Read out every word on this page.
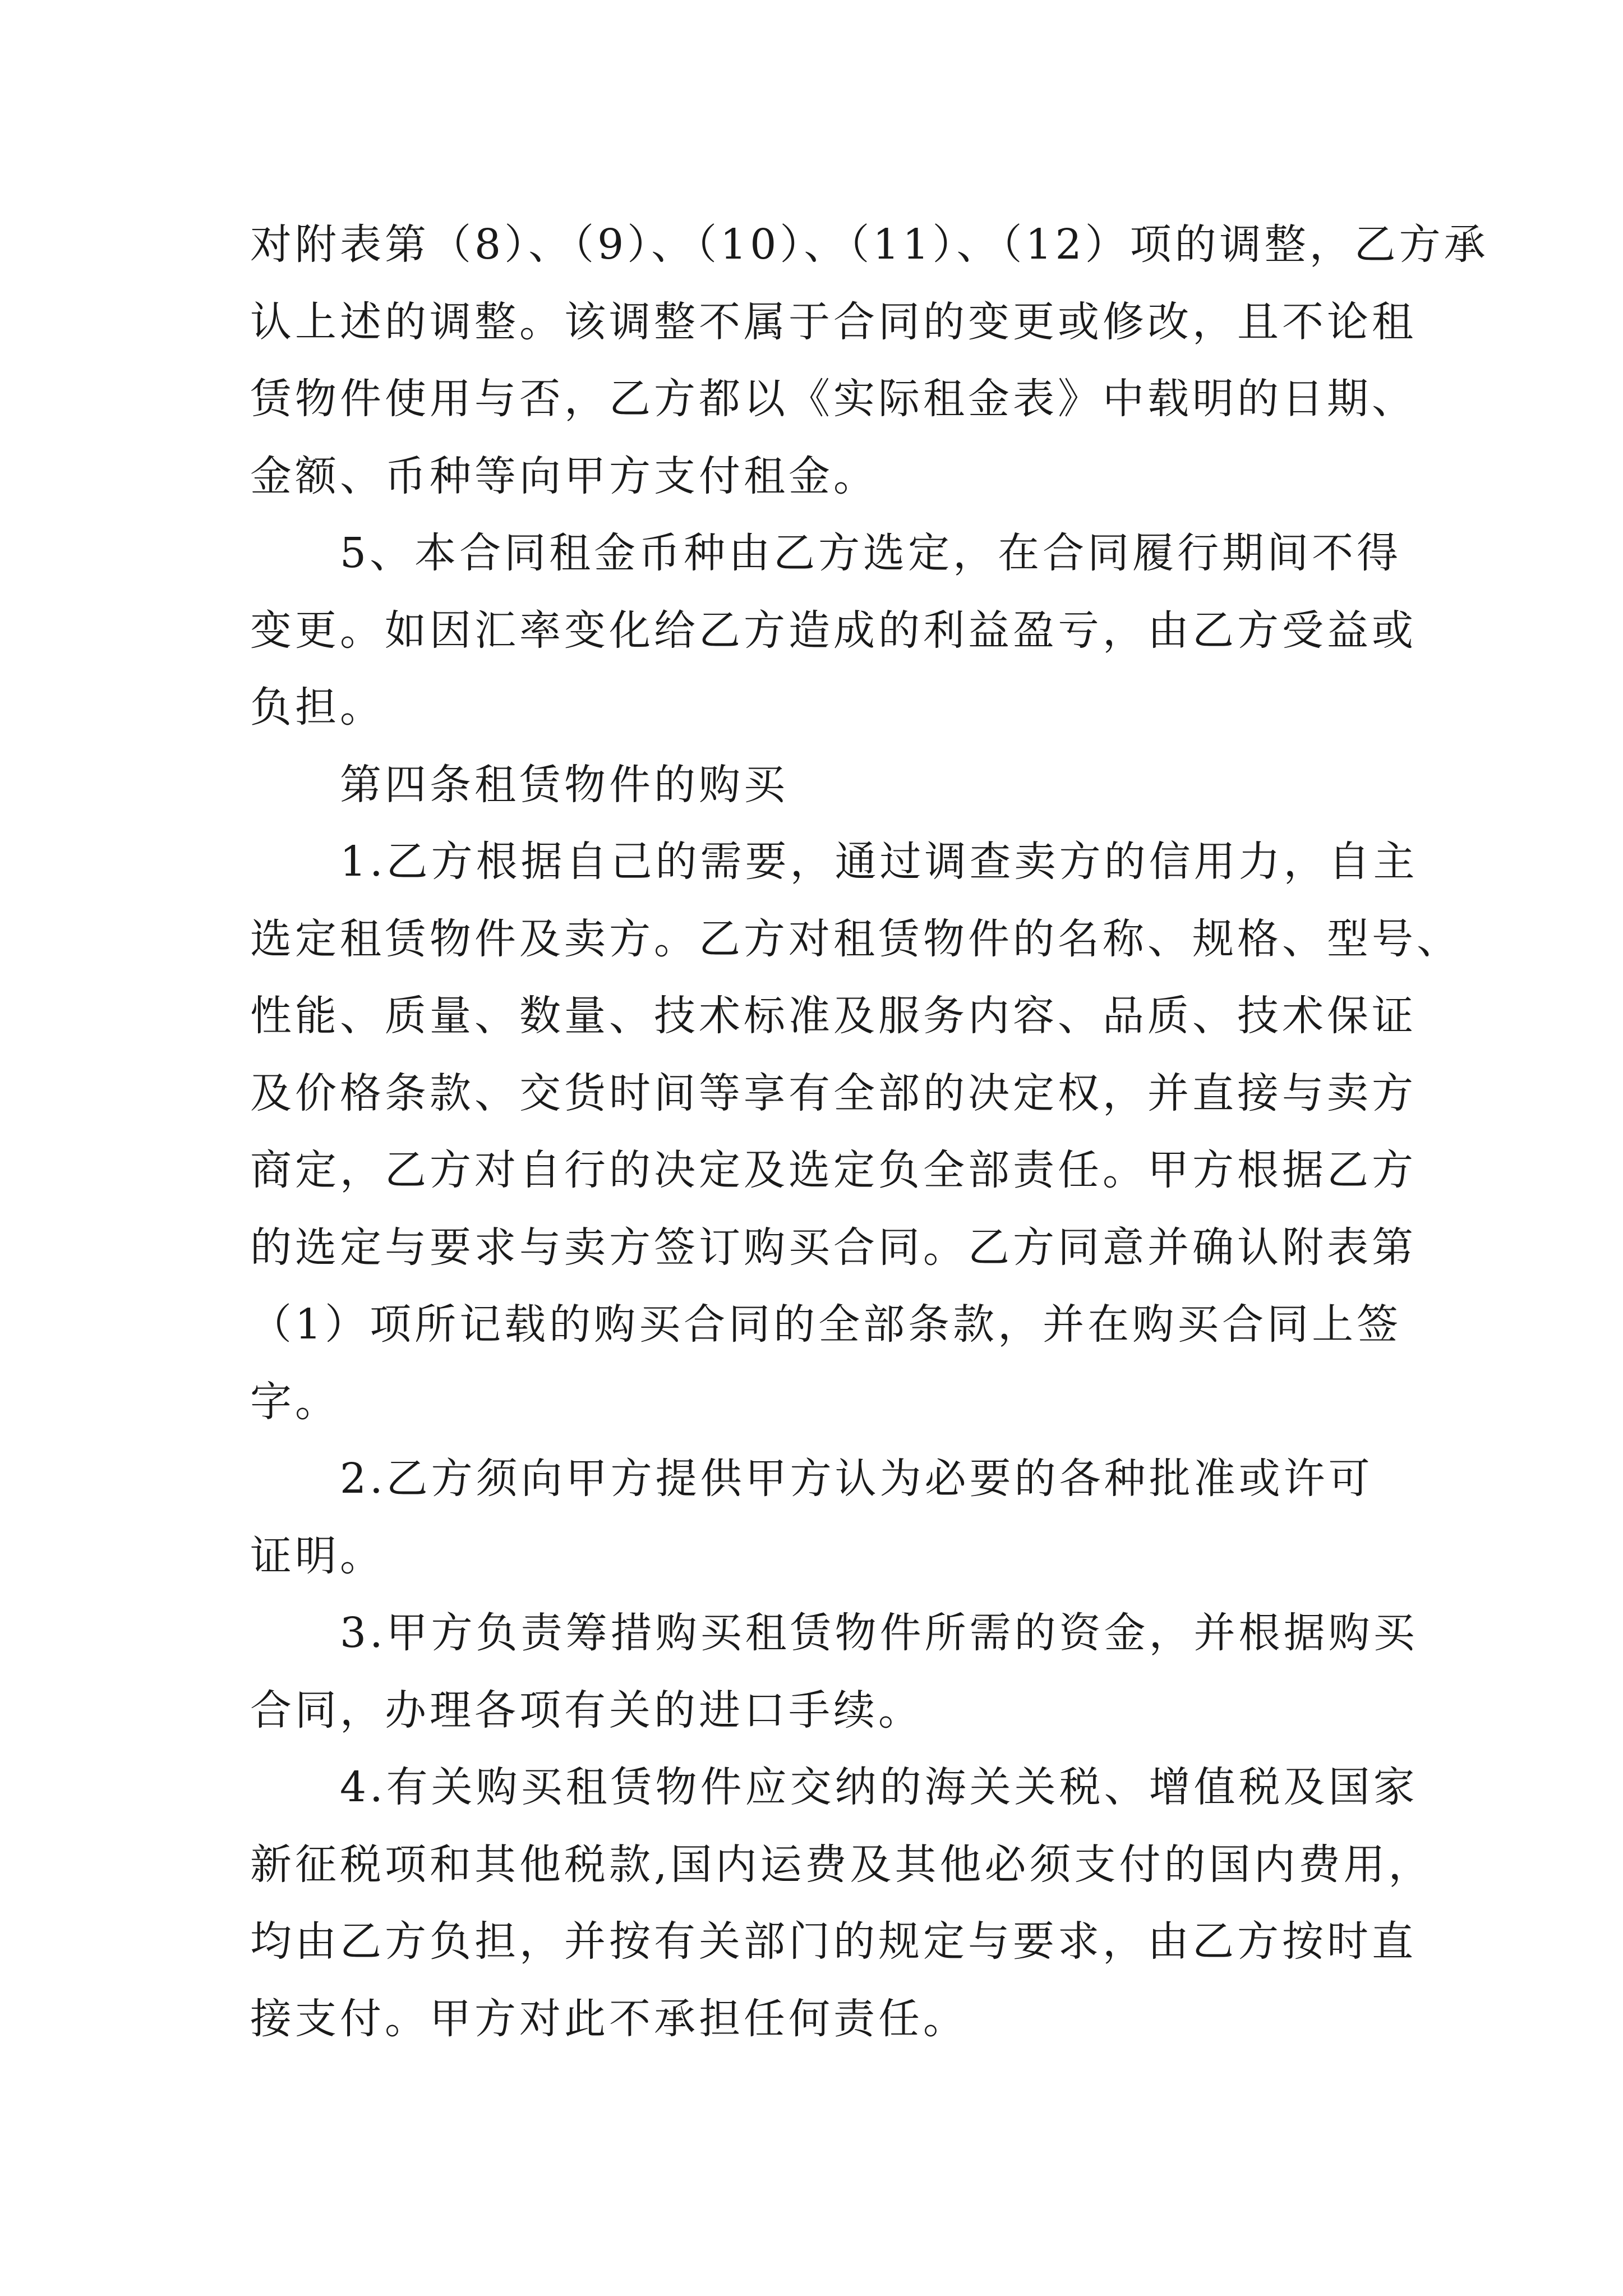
对附表第（8）、（9）、（10）、（11）、（12）项的调整，乙方承
认上述的调整。该调整不属于合同的变更或修改，且不论租
赁物件使用与否，乙方都以《实际租金表》中载明的日期、
金额、币种等向甲方支付租金。
　　5、本合同租金币种由乙方选定，在合同履行期间不得
变更。如因汇率变化给乙方造成的利益盈亏，由乙方受益或
负担。
　　第四条租赁物件的购买
　　1.乙方根据自己的需要，通过调查卖方的信用力，自主
选定租赁物件及卖方。乙方对租赁物件的名称、规格、型号、
性能、质量、数量、技术标准及服务内容、品质、技术保证
及价格条款、交货时间等享有全部的决定权，并直接与卖方
商定，乙方对自行的决定及选定负全部责任。甲方根据乙方
的选定与要求与卖方签订购买合同。乙方同意并确认附表第
（1）项所记载的购买合同的全部条款，并在购买合同上签
字。
　　2.乙方须向甲方提供甲方认为必要的各种批准或许可
证明。
　　3.甲方负责筹措购买租赁物件所需的资金，并根据购买
合同，办理各项有关的进口手续。
　　4.有关购买租赁物件应交纳的海关关税、增值税及国家
新征税项和其他税款,国内运费及其他必须支付的国内费用，
均由乙方负担，并按有关部门的规定与要求，由乙方按时直
接支付。甲方对此不承担任何责任。
